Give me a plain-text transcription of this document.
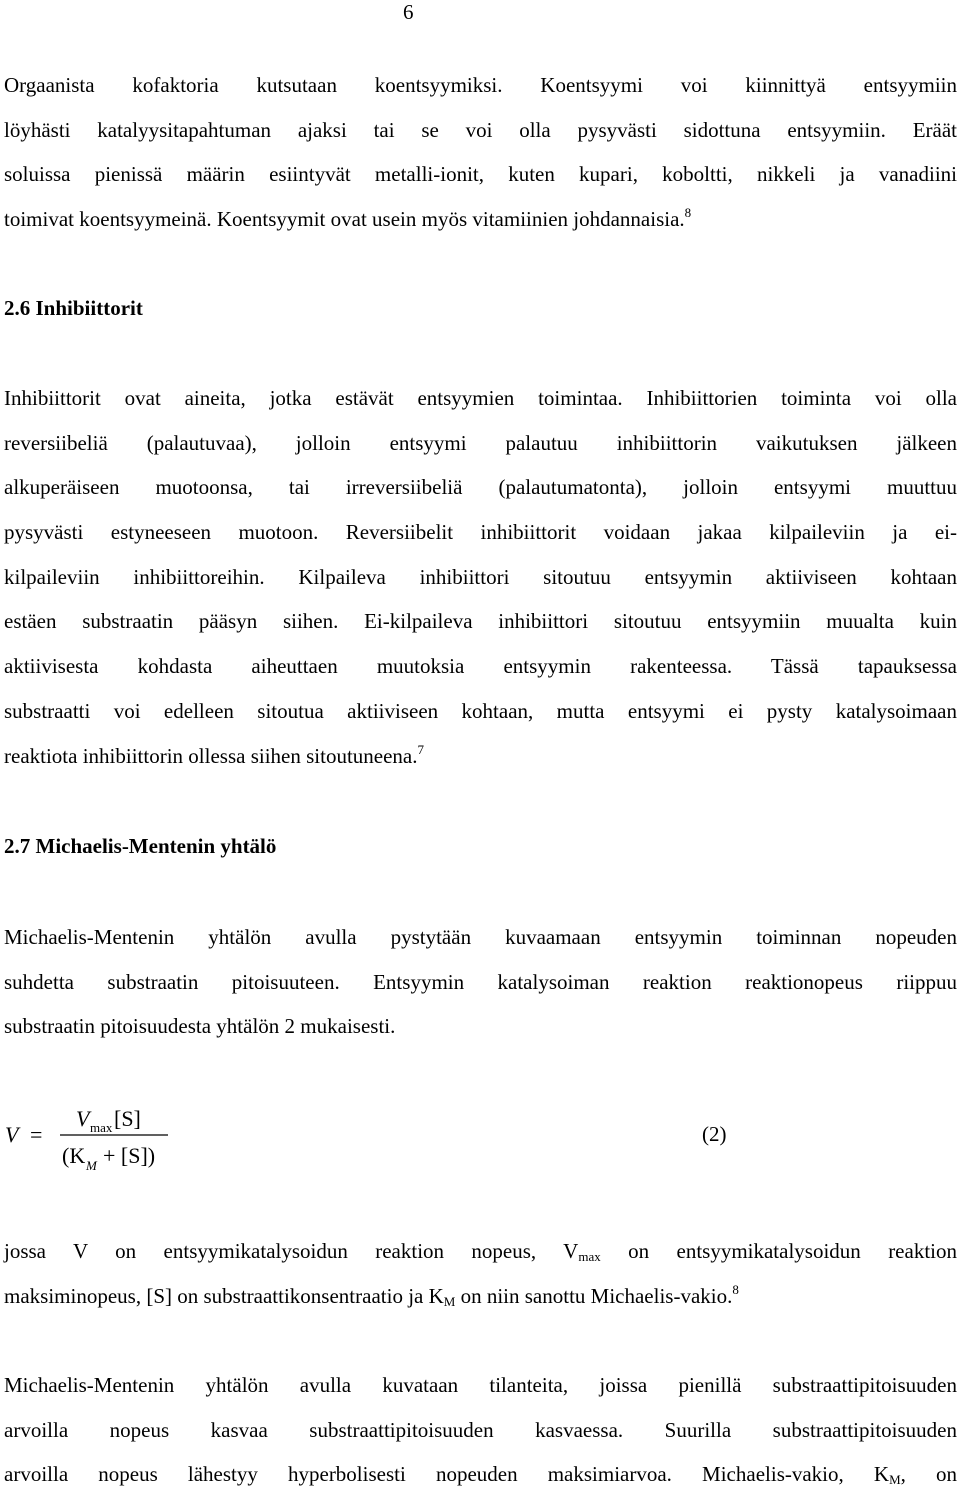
6
Orgaanista kofaktoria kutsutaan koentsyymiksi. Koentsyymi voi kiinnittyä entsyymiin
löyhästi katalyysitapahtuman ajaksi tai se voi olla pysyvästi sidottuna entsyymiin. Eräät
soluissa pienissä määrin esiintyvät metalli-ionit, kuten kupari, koboltti, nikkeli ja vanadiini
toimivat koentsyymeinä. Koentsyymit ovat usein myös vitamiinien johdannaisia.$^8$
2.6 Inhibiittorit
Inhibiittorit ovat aineita, jotka estävät entsyymien toimintaa. Inhibiittorien toiminta voi olla
reversiibeliä (palautuvaa), jolloin entsyymi palautuu inhibiittorin vaikutuksen jälkeen
alkuperäiseen muotoonsa, tai irreversiibeliä (palautumatonta), jolloin entsyymi muuttuu
pysyvästi estyneeseen muotoon. Reversiibelit inhibiittorit voidaan jakaa kilpaileviin ja ei-
kilpaileviin inhibiittoreihin. Kilpaileva inhibiittori sitoutuu entsyymin aktiiviseen kohtaan
estäen substraatin pääsyn siihen. Ei-kilpaileva inhibiittori sitoutuu entsyymiin muualta kuin
aktiivisesta kohdasta aiheuttaen muutoksia entsyymin rakenteessa. Tässä tapauksessa
substraatti voi edelleen sitoutua aktiiviseen kohtaan, mutta entsyymi ei pysty katalysoimaan
reaktiota inhibiittorin ollessa siihen sitoutuneena.$^7$
2.7 Michaelis-Mentenin yhtälö
Michaelis-Mentenin yhtälön avulla pystytään kuvaamaan entsyymin toiminnan nopeuden
suhdetta substraatin pitoisuuteen. Entsyymin katalysoiman reaktion reaktionopeus riippuu
substraatin pitoisuudesta yhtälön 2 mukaisesti.
V =
V max [S]
(K M + [S])
(2)
jossa V on entsyymikatalysoidun reaktion nopeus, $V_{max}$ on entsyymikatalysoidun reaktion
maksiminopeus, [S] on substraattikonsentraatio ja $K_M$ on niin sanottu Michaelis-vakio.$^8$
Michaelis-Mentenin yhtälön avulla kuvataan tilanteita, joissa pienillä substraattipitoisuuden
arvoilla nopeus kasvaa substraattipitoisuuden kasvaessa. Suurilla substraattipitoisuuden
arvoilla nopeus lähestyy hyperbolisesti nopeuden maksimiarvoa. Michaelis-vakio, $K_M$, on
